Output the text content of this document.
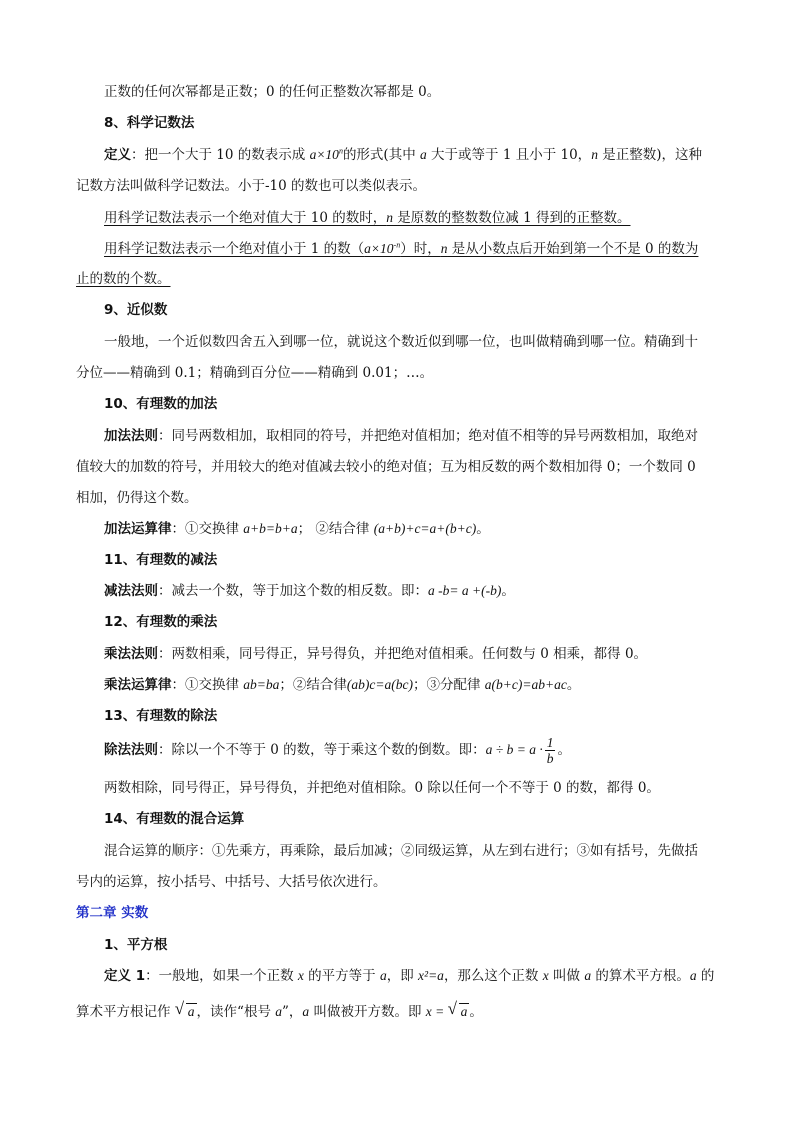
正数的任何次幂都是正数；0 的任何正整数次幂都是 0。
8、科学记数法
定义：把一个大于 10 的数表示成 $a\times 10^n$的形式(其中 a 大于或等于 1 且小于 10，n 是正整数)，这种
记数方法叫做科学记数法。小于-10 的数也可以类似表示。
用科学记数法表示一个绝对值大于 10 的数时，n 是原数的整数数位减 1 得到的正整数。
用科学记数法表示一个绝对值小于 1 的数$(a\times 10^{-n})$时，n 是从小数点后开始到第一个不是 0 的数为
止的数的个数。
9、近似数
一般地，一个近似数四舍五入到哪一位，就说这个数近似到哪一位，也叫做精确到哪一位。精确到十
分位——精确到 0.1；精确到百分位——精确到 0.01；…。
10、有理数的加法
加法法则：同号两数相加，取相同的符号，并把绝对值相加；绝对值不相等的异号两数相加，取绝对
值较大的加数的符号，并用较大的绝对值减去较小的绝对值；互为相反数的两个数相加得 0；一个数同 0
相加，仍得这个数。
加法运算律：①交换律 a+b=b+a； ②结合律 (a+b)+c=a+(b+c)。
11、有理数的减法
减法法则：减去一个数，等于加这个数的相反数。即：a -b= a +(-b)。
12、有理数的乘法
乘法法则：两数相乘，同号得正，异号得负，并把绝对值相乘。任何数与 0 相乘，都得 0。
乘法运算律：①交换律 ab=ba；②结合律(ab)c=a(bc)；③分配律 a(b+c)=ab+ac。
13、有理数的除法
除法法则：除以一个不等于 0 的数，等于乘这个数的倒数。即：$a \div b = a \cdot \frac{1}{b}$ 。
两数相除，同号得正，异号得负，并把绝对值相除。0 除以任何一个不等于 0 的数，都得 0。
14、有理数的混合运算
混合运算的顺序：①先乘方，再乘除，最后加减；②同级运算，从左到右进行；③如有括号，先做括
号内的运算，按小括号、中括号、大括号依次进行。
第二章 实数
1、平方根
定义 1：一般地，如果一个正数 x 的平方等于 a，即 x²=a，那么这个正数 x 叫做 a 的算术平方根。a 的
算术平方根记作 √ a ，读作“根号 a”，a 叫做被开方数。即 x = √ a 。
